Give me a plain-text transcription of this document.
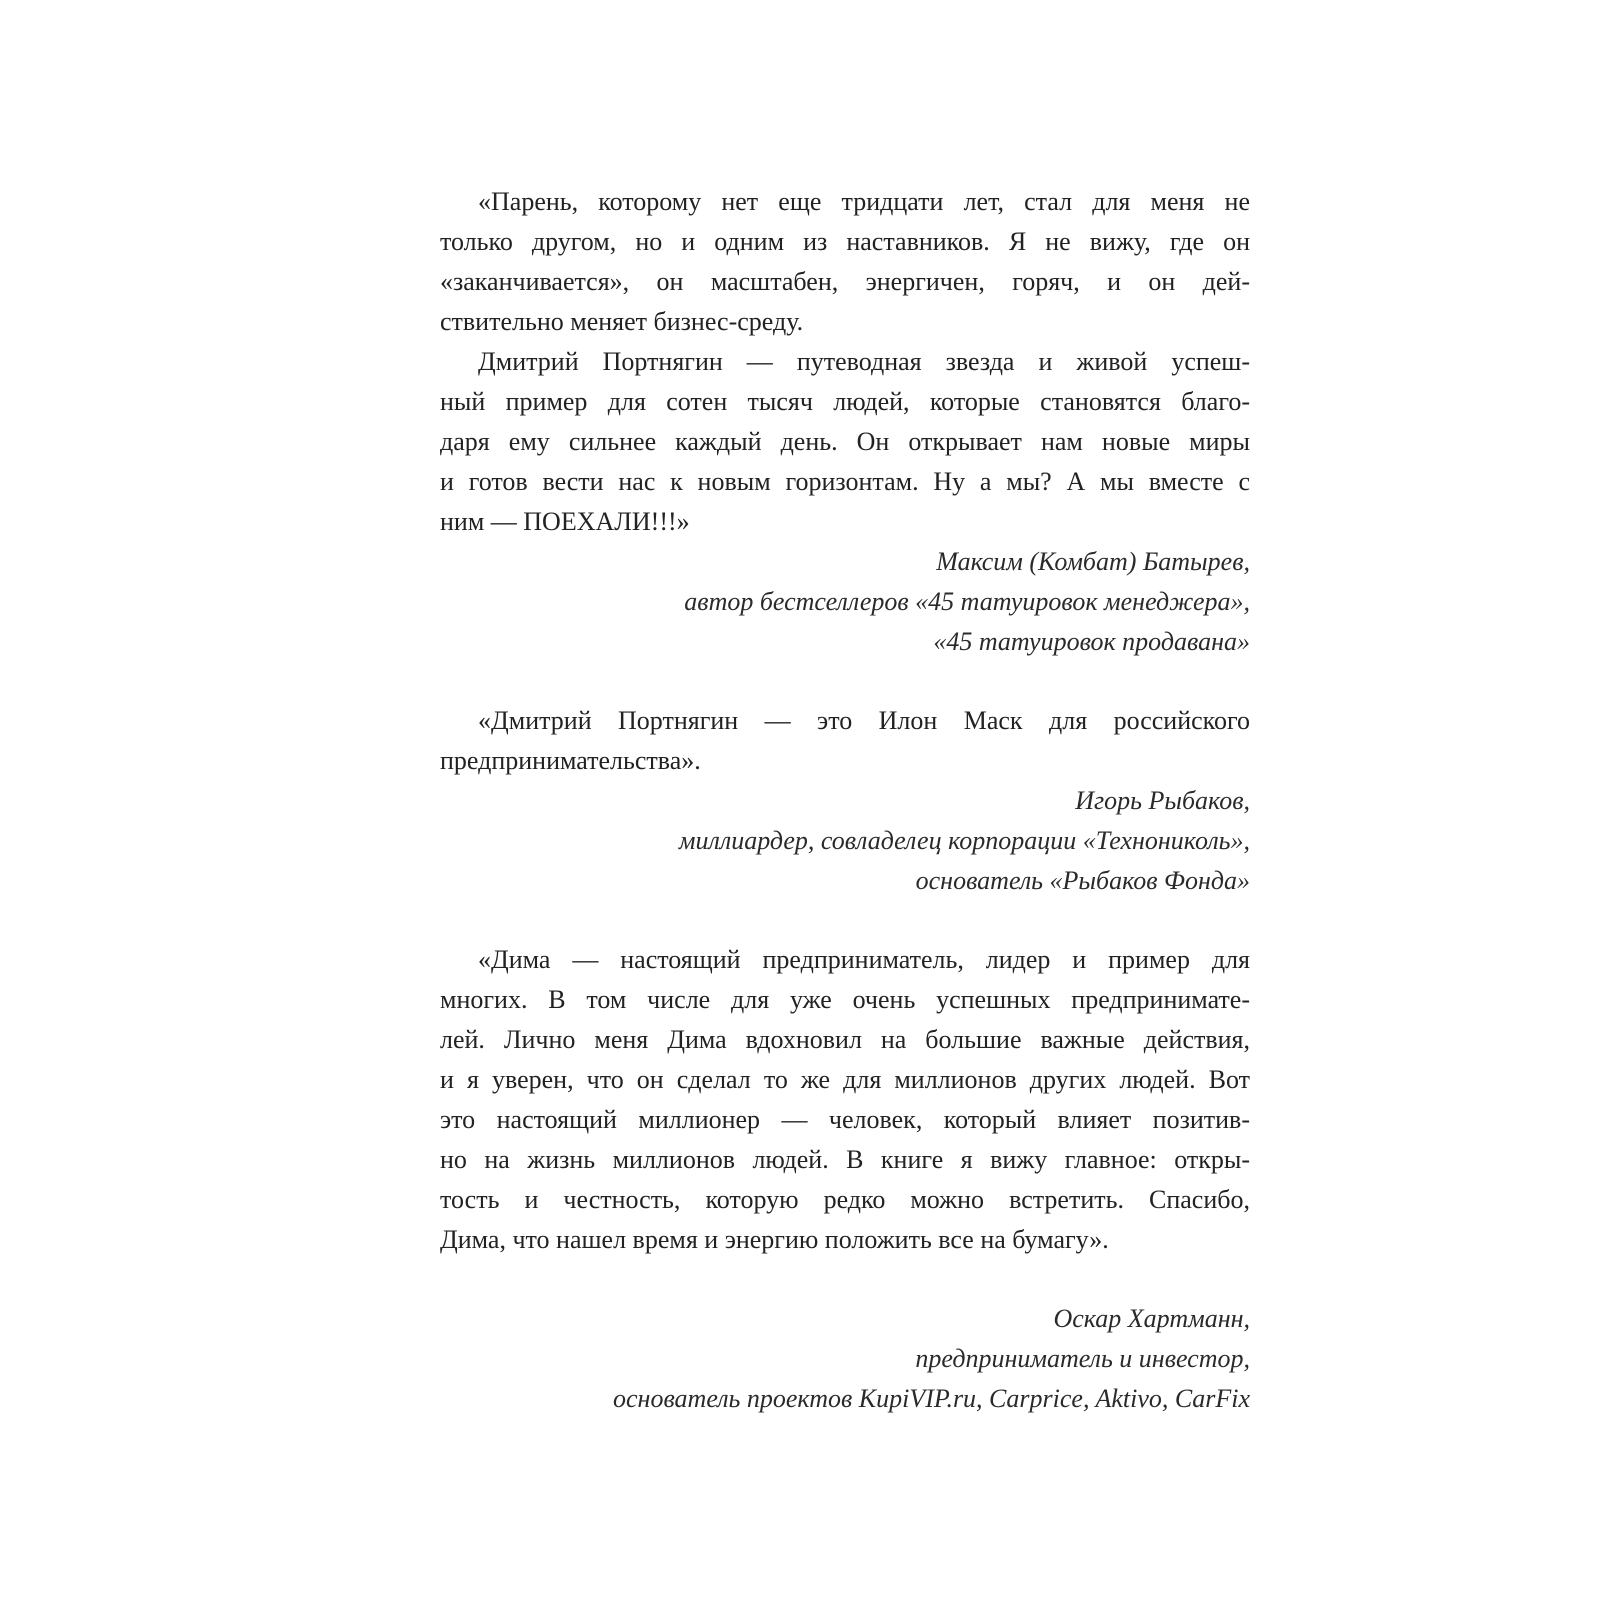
«Парень, которому нет еще тридцати лет, стал для меня не
только другом, но и одним из наставников. Я не вижу, где он
«заканчивается», он масштабен, энергичен, горяч, и он дей-
ствительно меняет бизнес-среду.
Дмитрий Портнягин — путеводная звезда и живой успеш-
ный пример для сотен тысяч людей, которые становятся благо-
даря ему сильнее каждый день. Он открывает нам новые миры
и готов вести нас к новым горизонтам. Ну а мы? А мы вместе с
ним — ПОЕХАЛИ!!!»
Максим (Комбат) Батырев,
автор бестселлеров «45 татуировок менеджера»,
«45 татуировок продавана»
«Дмитрий Портнягин — это Илон Маск для российского
предпринимательства».
Игорь Рыбаков,
миллиардер, совладелец корпорации «Технониколь»,
основатель «Рыбаков Фонда»
«Дима — настоящий предприниматель, лидер и пример для
многих. В том числе для уже очень успешных предпринимате-
лей. Лично меня Дима вдохновил на большие важные действия,
и я уверен, что он сделал то же для миллионов других людей. Вот
это настоящий миллионер — человек, который влияет позитив-
но на жизнь миллионов людей. В книге я вижу главное: откры-
тость и честность, которую редко можно встретить. Спасибо,
Дима, что нашел время и энергию положить все на бумагу».
Оскар Хартманн,
предприниматель и инвестор,
основатель проектов KupiVIP.ru, Carprice, Aktivo, CarFix
